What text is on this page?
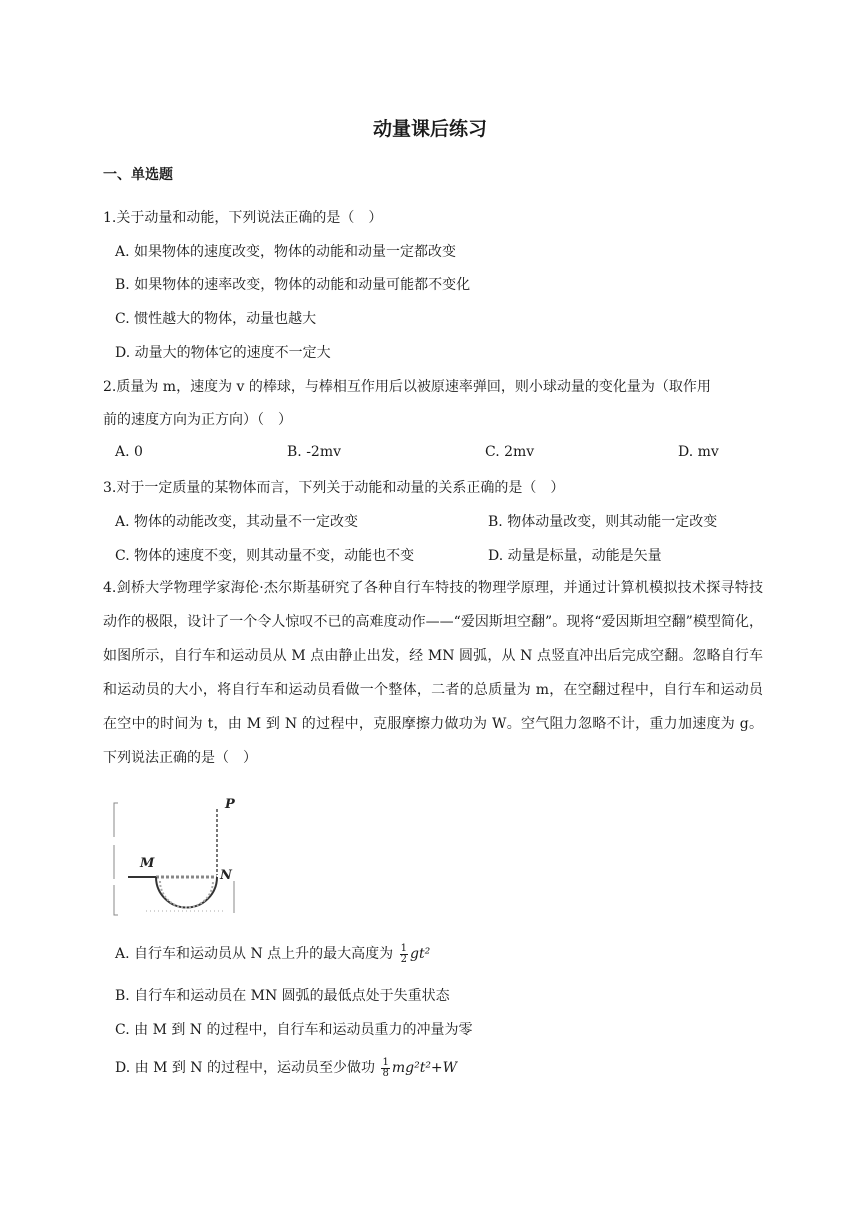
动量课后练习
一、单选题
1.关于动量和动能，下列说法正确的是（　）
A. 如果物体的速度改变，物体的动能和动量一定都改变
B. 如果物体的速率改变，物体的动能和动量可能都不变化
C. 惯性越大的物体，动量也越大
D. 动量大的物体它的速度不一定大
2.质量为 m，速度为 v 的棒球，与棒相互作用后以被原速率弹回，则小球动量的变化量为（取作用
前的速度方向为正方向）（　）
A. 0	B. -2mv	C. 2mv	D. mv
3.对于一定质量的某物体而言，下列关于动能和动量的关系正确的是（　）
A. 物体的动能改变，其动量不一定改变	B. 物体动量改变，则其动能一定改变
C. 物体的速度不变，则其动量不变，动能也不变	D. 动量是标量，动能是矢量
4.剑桥大学物理学家海伦·杰尔斯基研究了各种自行车特技的物理学原理，并通过计算机模拟技术探寻特技动作的极限，设计了一个令人惊叹不已的高难度动作——“爱因斯坦空翻”。现将“爱因斯坦空翻”模型简化，如图所示，自行车和运动员从 M 点由静止出发，经 MN 圆弧，从 N 点竖直冲出后完成空翻。忽略自行车和运动员的大小，将自行车和运动员看做一个整体，二者的总质量为 m，在空翻过程中，自行车和运动员在空中的时间为 t，由 M 到 N 的过程中，克服摩擦力做功为 W。空气阻力忽略不计，重力加速度为 g。下列说法正确的是（　）
P
M
N
A. 自行车和运动员从 N 点上升的最大高度为 $\frac{1}{2} gt^2$
B. 自行车和运动员在 MN 圆弧的最低点处于失重状态
C. 由 M 到 N 的过程中，自行车和运动员重力的冲量为零
D. 由 M 到 N 的过程中，运动员至少做功 $\frac{1}{8} mg^2t^2+W$
